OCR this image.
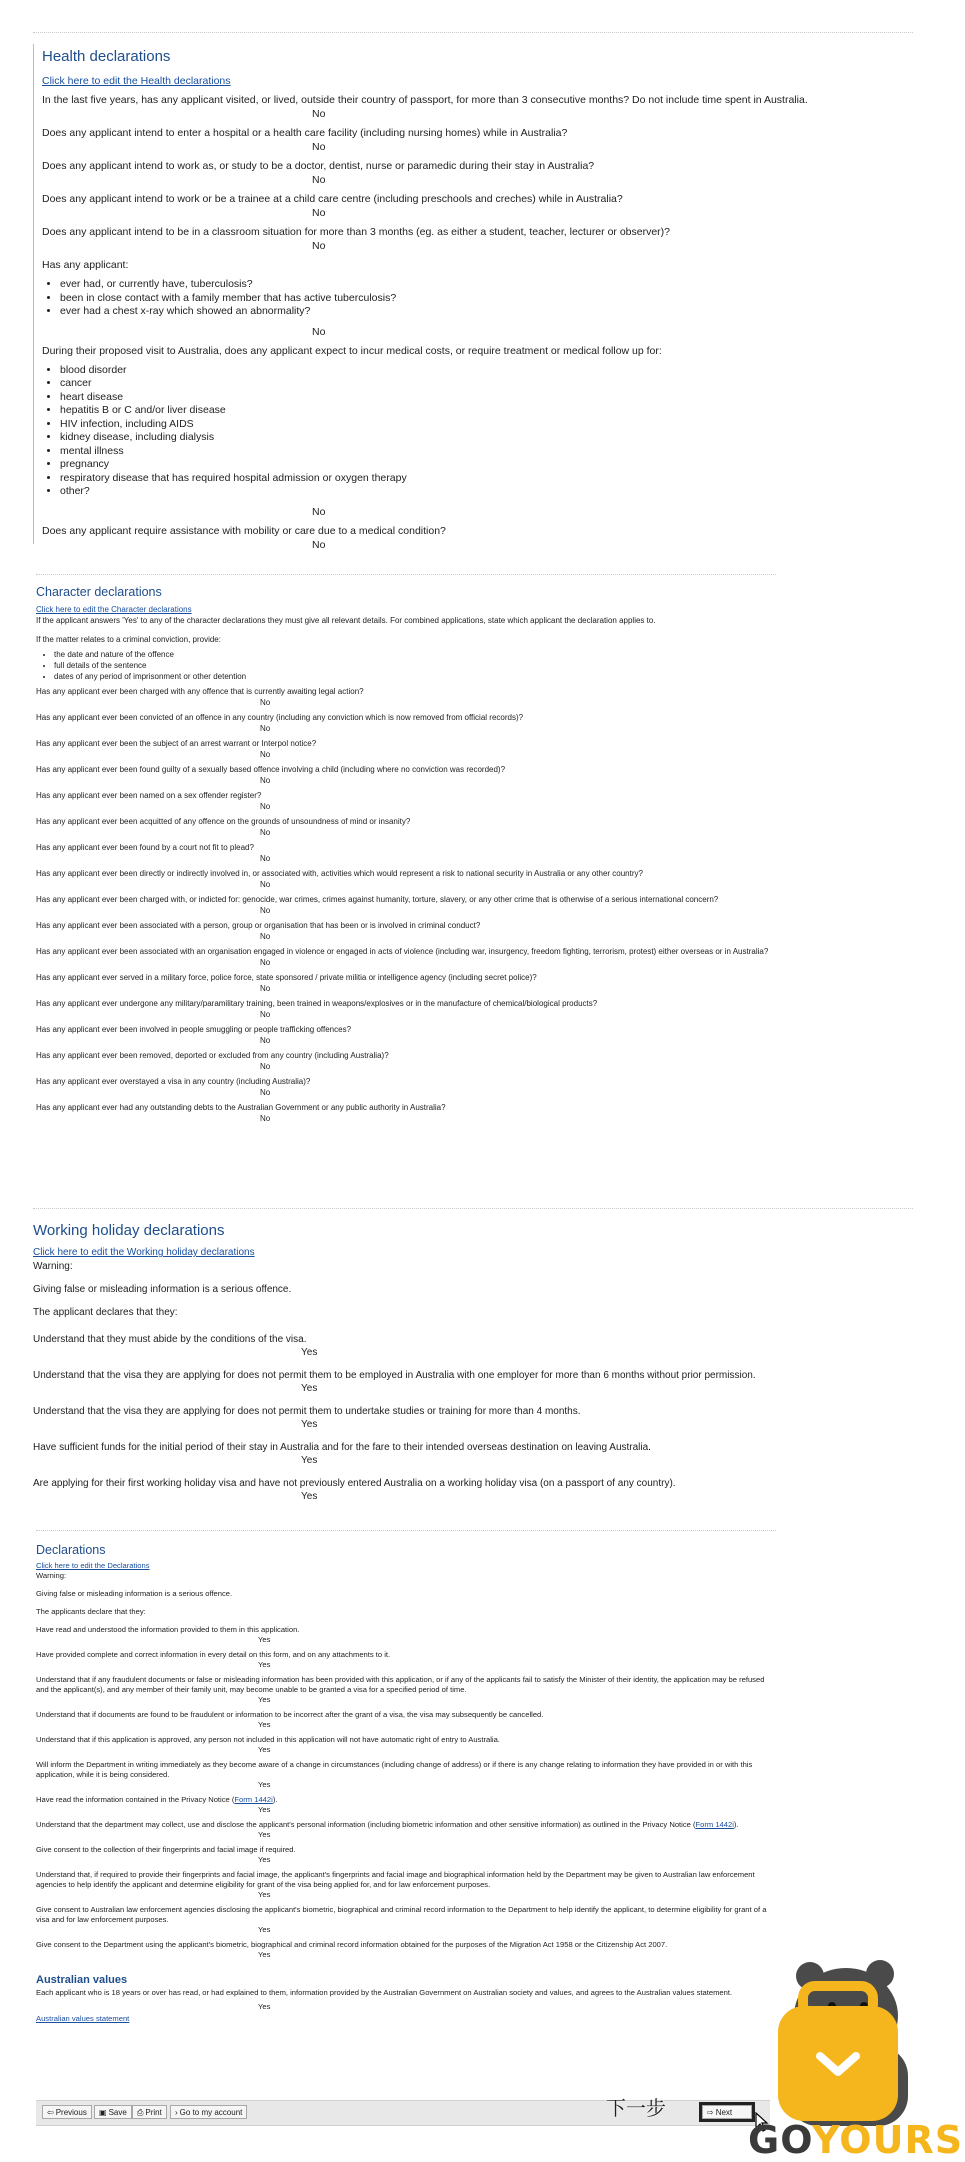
Health declarations
Click here to edit the Health declarations

In the last five years, has any applicant visited, or lived, outside their country of passport, for more than 3 consecutive months? Do not include time spent in Australia.

No

Does any applicant intend to enter a hospital or a health care facility (including nursing homes) while in Australia?

No

Does any applicant intend to work as, or study to be a doctor, dentist, nurse or paramedic during their stay in Australia?

No

Does any applicant intend to work or be a trainee at a child care centre (including preschools and creches) while in Australia?

No

Does any applicant intend to be in a classroom situation for more than 3 months (eg. as either a student, teacher, lecturer or observer)?

No

Has any applicant:

• ever had, or currently have, tuberculosis?
• been in close contact with a family member that has active tuberculosis?
• ever had a chest x-ray which showed an abnormality?
No

During their proposed visit to Australia, does any applicant expect to incur medical costs, or require treatment or medical follow up for:

• blood disorder
• cancer
• heart disease
• hepatitis B or C and/or liver disease
• HIV infection, including AIDS
• kidney disease, including dialysis
• mental illness
• pregnancy
• respiratory disease that has required hospital admission or oxygen therapy
• other?
No

Does any applicant require assistance with mobility or care due to a medical condition?

No
Character declarations
Click here to edit the Character declarations

If the applicant answers 'Yes' to any of the character declarations they must give all relevant details. For combined applications, state which applicant the declaration applies to.

If the matter relates to a criminal conviction, provide:

• the date and nature of the offence
• full details of the sentence
• dates of any period of imprisonment or other detention

Has any applicant ever been charged with any offence that is currently awaiting legal action?

No

Has any applicant ever been convicted of an offence in any country (including any conviction which is now removed from official records)?

No

Has any applicant ever been the subject of an arrest warrant or Interpol notice?

No

Has any applicant ever been found guilty of a sexually based offence involving a child (including where no conviction was recorded)?

No

Has any applicant ever been named on a sex offender register?

No

Has any applicant ever been acquitted of any offence on the grounds of unsoundness of mind or insanity?

No

Has any applicant ever been found by a court not fit to plead?

No

Has any applicant ever been directly or indirectly involved in, or associated with, activities which would represent a risk to national security in Australia or any other country?

No

Has any applicant ever been charged with, or indicted for: genocide, war crimes, crimes against humanity, torture, slavery, or any other crime that is otherwise of a serious international concern?

No

Has any applicant ever been associated with a person, group or organisation that has been or is involved in criminal conduct?

No

Has any applicant ever been associated with an organisation engaged in violence or engaged in acts of violence (including war, insurgency, freedom fighting, terrorism, protest) either overseas or in Australia?

No

Has any applicant ever served in a military force, police force, state sponsored / private militia or intelligence agency (including secret police)?

No

Has any applicant ever undergone any military/paramilitary training, been trained in weapons/explosives or in the manufacture of chemical/biological products?

No

Has any applicant ever been involved in people smuggling or people trafficking offences?

No

Has any applicant ever been removed, deported or excluded from any country (including Australia)?

No

Has any applicant ever overstayed a visa in any country (including Australia)?

No

Has any applicant ever had any outstanding debts to the Australian Government or any public authority in Australia?

No
Working holiday declarations
Click here to edit the Working holiday declarations

Warning:

Giving false or misleading information is a serious offence.

The applicant declares that they:

Understand that they must abide by the conditions of the visa.

Yes

Understand that the visa they are applying for does not permit them to be employed in Australia with one employer for more than 6 months without prior permission.

Yes

Understand that the visa they are applying for does not permit them to undertake studies or training for more than 4 months.

Yes

Have sufficient funds for the initial period of their stay in Australia and for the fare to their intended overseas destination on leaving Australia.

Yes

Are applying for their first working holiday visa and have not previously entered Australia on a working holiday visa (on a passport of any country).

Yes
Declarations
Click here to edit the Declarations

Warning:

Giving false or misleading information is a serious offence.

The applicants declare that they:

Have read and understood the information provided to them in this application.

Yes

Have provided complete and correct information in every detail on this form, and on any attachments to it.

Yes

Understand that if any fraudulent documents or false or misleading information has been provided with this application, or if any of the applicants fail to satisfy the Minister of their identity, the application may be refused and the applicant(s), and any member of their family unit, may become unable to be granted a visa for a specified period of time.

Yes

Understand that if documents are found to be fraudulent or information to be incorrect after the grant of a visa, the visa may subsequently be cancelled.

Yes

Understand that if this application is approved, any person not included in this application will not have automatic right of entry to Australia.

Yes

Will inform the Department in writing immediately as they become aware of a change in circumstances (including change of address) or if there is any change relating to information they have provided in or with this application, while it is being considered.

Yes

Have read the information contained in the Privacy Notice (Form 1442i).

Yes

Understand that the department may collect, use and disclose the applicant's personal information (including biometric information and other sensitive information) as outlined in the Privacy Notice (Form 1442i).

Yes

Give consent to the collection of their fingerprints and facial image if required.

Yes

Understand that, if required to provide their fingerprints and facial image, the applicant's fingerprints and facial image and biographical information held by the Department may be given to Australian law enforcement agencies to help identify the applicant and determine eligibility for grant of the visa being applied for, and for law enforcement purposes.

Yes

Give consent to Australian law enforcement agencies disclosing the applicant's biometric, biographical and criminal record information to the Department to help identify the applicant, to determine eligibility for grant of a visa and for law enforcement purposes.

Yes

Give consent to the Department using the applicant's biometric, biographical and criminal record information obtained for the purposes of the Migration Act 1958 or the Citizenship Act 2007.

Yes
Australian values

Each applicant who is 18 years or over has read, or had explained to them, information provided by the Australian Government on Australian society and values, and agrees to the Australian values statement.

Yes
Australian values statement
⇦ Previous	▣ Save	⎙ Print	› Go to my account	⇨ Next
下一步
GOYOURS
